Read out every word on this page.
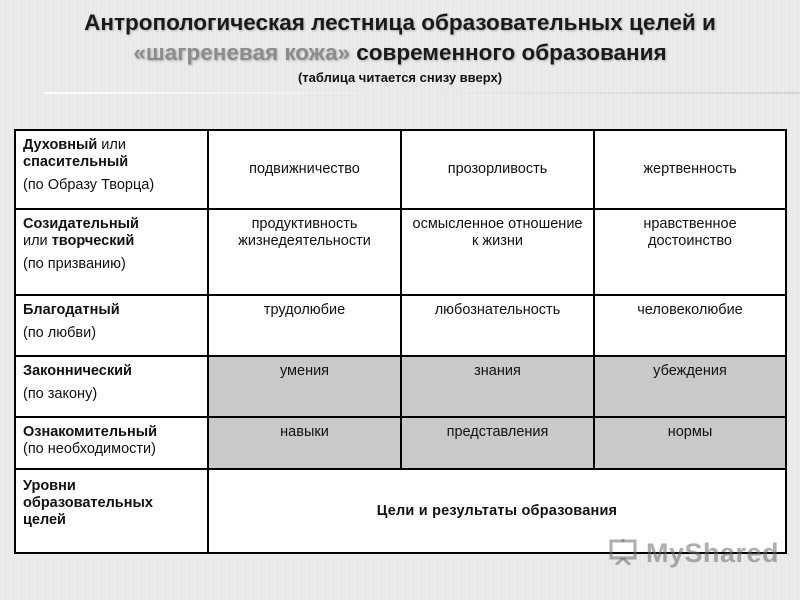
Антропологическая лестница образовательных целей и
«шагреневая кожа» современного образования
(таблица читается снизу вверх)
Духовный или
спасительный
(по Образу Творца)	подвижничество	прозорливость	жертвенность
Созидательный
или творческий
(по призванию)	продуктивность жизнедеятельности	осмысленное отношение к жизни	нравственное достоинство
Благодатный
(по любви)	трудолюбие	любознательность	человеколюбие
Законнический
(по закону)	умения	знания	убеждения
Ознакомительный
(по необходимости)	навыки	представления	нормы
Уровни образовательных целей	Цели и результаты образования		
MyShared
